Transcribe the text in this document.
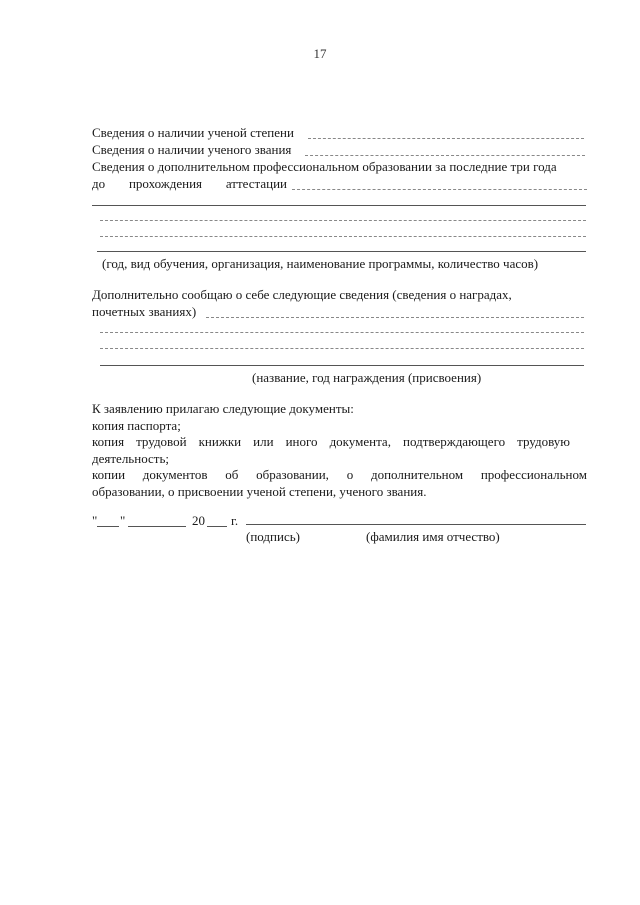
17
Сведения о наличии ученой степени
Сведения о наличии ученого звания
Сведения о дополнительном профессиональном образовании за последние три года
до прохождения аттестации
(год, вид обучения, организация, наименование программы, количество часов)
Дополнительно сообщаю о себе следующие сведения (сведения о наградах,
почетных званиях)
(название, год награждения (присвоения)
К заявлению прилагаю следующие документы:
копия паспорта;
копия трудовой книжки или иного документа, подтверждающего трудовую
деятельность;
копии документов об образовании, о дополнительном профессиональном
образовании, о присвоении ученой степени, ученого звания.
" "	20 г.
(подпись)	(фамилия имя отчество)
